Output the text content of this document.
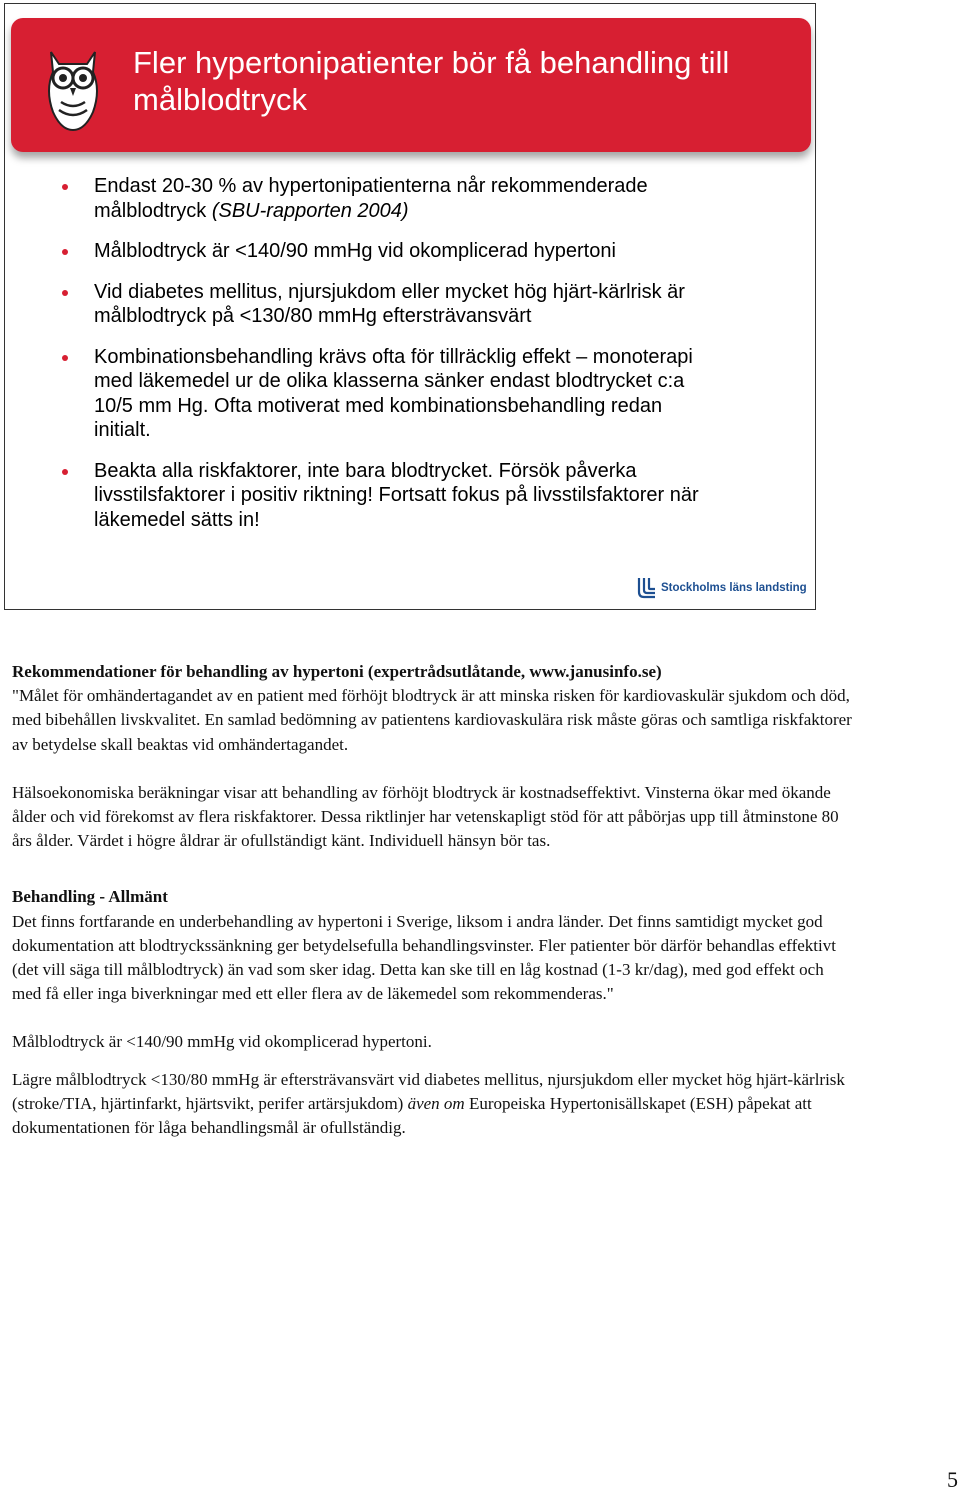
Fler hypertonipatienter bör få behandling till målblodtryck
Endast 20-30 % av hypertonipatienterna når rekommenderade
målblodtryck (SBU-rapporten 2004)
Målblodtryck är <140/90 mmHg vid okomplicerad hypertoni
Vid diabetes mellitus, njursjukdom eller mycket hög hjärt-kärlrisk är
målblodtryck på <130/80 mmHg eftersträvansvärt
Kombinationsbehandling krävs ofta för tillräcklig effekt – monoterapi
med läkemedel ur de olika klasserna sänker endast blodtrycket c:a
10/5 mm Hg. Ofta motiverat med kombinationsbehandling redan
initialt.
Beakta alla riskfaktorer, inte bara blodtrycket. Försök påverka
livsstilsfaktorer i positiv riktning! Fortsatt fokus på livsstilsfaktorer när
läkemedel sätts in!
Stockholms läns landsting

Rekommendationer för behandling av hypertoni (expertrådsutlåtande, www.janusinfo.se)

"Målet för omhändertagandet av en patient med förhöjt blodtryck är att minska risken för kardiovaskulär sjukdom och död, med bibehållen livskvalitet. En samlad bedömning av patientens kardiovaskulära risk måste göras och samtliga riskfaktorer av betydelse skall beaktas vid omhändertagandet.

Hälsoekonomiska beräkningar visar att behandling av förhöjt blodtryck är kostnadseffektivt. Vinsterna ökar med ökande ålder och vid förekomst av flera riskfaktorer. Dessa riktlinjer har vetenskapligt stöd för att påbörjas upp till åtminstone 80 års ålder. Värdet i högre åldrar är ofullständigt känt. Individuell hänsyn bör tas.

Behandling - Allmänt

Det finns fortfarande en underbehandling av hypertoni i Sverige, liksom i andra länder. Det finns samtidigt mycket god dokumentation att blodtryckssänkning ger betydelsefulla behandlingsvinster. Fler patienter bör därför behandlas effektivt (det vill säga till målblodtryck) än vad som sker idag. Detta kan ske till en låg kostnad (1-3 kr/dag), med god effekt och med få eller inga biverkningar med ett eller flera av de läkemedel som rekommenderas."

Målblodtryck är <140/90 mmHg vid okomplicerad hypertoni.

Lägre målblodtryck <130/80 mmHg är eftersträvansvärt vid diabetes mellitus, njursjukdom eller mycket hög hjärt-kärlrisk (stroke/TIA, hjärtinfarkt, hjärtsvikt, perifer artärsjukdom) även om Europeiska Hypertonisällskapet (ESH) påpekat att dokumentationen för låga behandlingsmål är ofullständig.

5
